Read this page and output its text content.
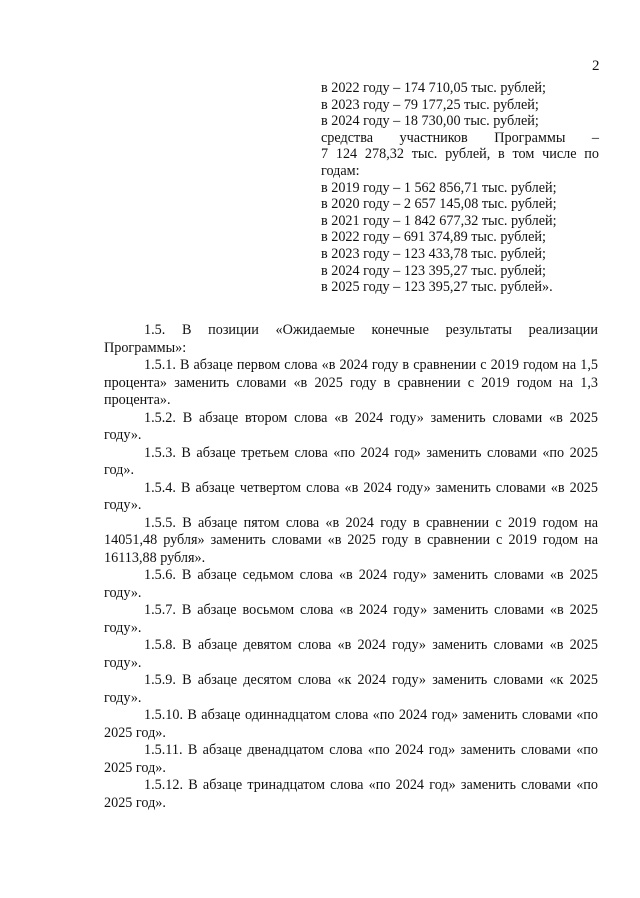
2
в 2022 году – 174 710,05 тыс. рублей;
в 2023 году – 79 177,25 тыс. рублей;
в 2024 году – 18 730,00 тыс. рублей;
средства участников Программы –
7 124 278,32 тыс. рублей, в том числе по
годам:
в 2019 году – 1 562 856,71 тыс. рублей;
в 2020 году – 2 657 145,08 тыс. рублей;
в 2021 году – 1 842 677,32 тыс. рублей;
в 2022 году – 691 374,89 тыс. рублей;
в 2023 году – 123 433,78 тыс. рублей;
в 2024 году – 123 395,27 тыс. рублей;
в 2025 году – 123 395,27 тыс. рублей».

1.5. В позиции «Ожидаемые конечные результаты реализации Программы»:

1.5.1. В абзаце первом слова «в 2024 году в сравнении с 2019 годом на 1,5 процента» заменить словами «в 2025 году в сравнении с 2019 годом на 1,3 процента».

1.5.2. В абзаце втором слова «в 2024 году» заменить словами «в 2025 году».

1.5.3. В абзаце третьем слова «по 2024 год» заменить словами «по 2025 год».

1.5.4. В абзаце четвертом слова «в 2024 году» заменить словами «в 2025 году».

1.5.5. В абзаце пятом слова «в 2024 году в сравнении с 2019 годом на 14051,48 рубля» заменить словами «в 2025 году в сравнении с 2019 годом на 16113,88 рубля».

1.5.6. В абзаце седьмом слова «в 2024 году» заменить словами «в 2025 году».

1.5.7. В абзаце восьмом слова «в 2024 году» заменить словами «в 2025 году».

1.5.8. В абзаце девятом слова «в 2024 году» заменить словами «в 2025 году».

1.5.9. В абзаце десятом слова «к 2024 году» заменить словами «к 2025 году».

1.5.10. В абзаце одиннадцатом слова «по 2024 год» заменить словами «по 2025 год».

1.5.11. В абзаце двенадцатом слова «по 2024 год» заменить словами «по 2025 год».

1.5.12. В абзаце тринадцатом слова «по 2024 год» заменить словами «по 2025 год».
